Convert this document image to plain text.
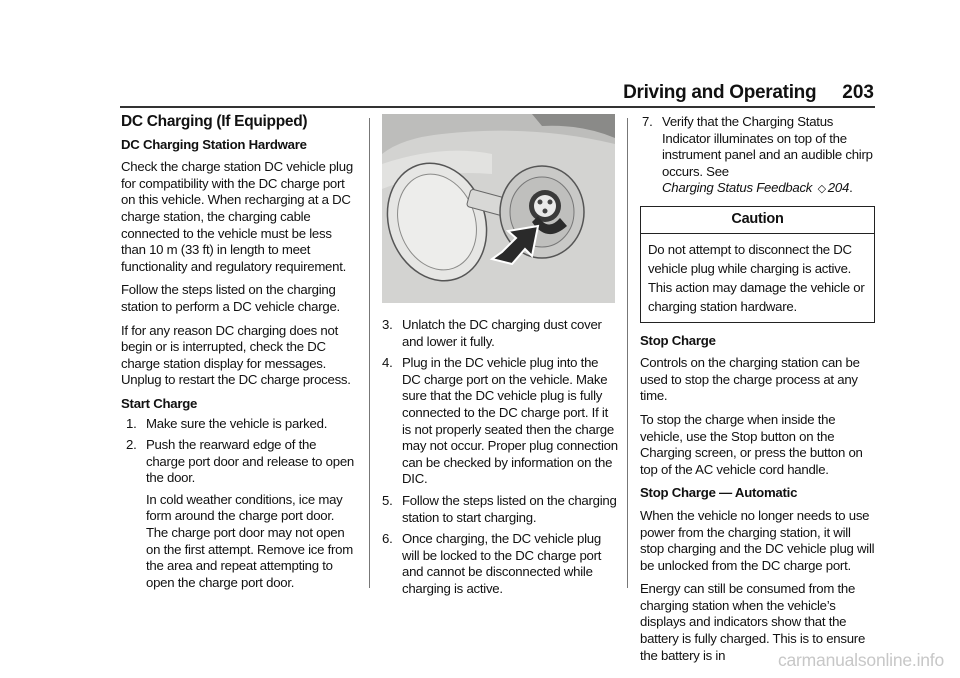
Driving and Operating 203
DC Charging (If Equipped)
DC Charging Station Hardware

Check the charge station DC vehicle plug for compatibility with the DC charge port on this vehicle. When recharging at a DC charge station, the charging cable connected to the vehicle must be less than 10 m (33 ft) in length to meet functionality and regulatory requirement.

Follow the steps listed on the charging station to perform a DC vehicle charge.

If for any reason DC charging does not begin or is interrupted, check the DC charge station display for messages. Unplug to restart the DC charge process.

Start Charge
1. Make sure the vehicle is parked.
2. Push the rearward edge of the charge port door and release to open the door.

In cold weather conditions, ice may form around the charge port door. The charge port door may not open on the first attempt. Remove ice from the area and repeat attempting to open the charge port door.

3. Unlatch the DC charging dust cover and lower it fully.
4. Plug in the DC vehicle plug into the DC charge port on the vehicle. Make sure that the DC vehicle plug is fully connected to the DC charge port. If it is not properly seated then the charge may not occur. Proper plug connection can be checked by information on the DIC.
5. Follow the steps listed on the charging station to start charging.
6. Once charging, the DC vehicle plug will be locked to the DC charge port and cannot be disconnected while charging is active.
7. Verify that the Charging Status Indicator illuminates on top of the instrument panel and an audible chirp occurs. See
Charging Status Feedback ◇ 204.
Caution
Do not attempt to disconnect the DC vehicle plug while charging is active. This action may damage the vehicle or charging station hardware.
Stop Charge

Controls on the charging station can be used to stop the charge process at any time.

To stop the charge when inside the vehicle, use the Stop button on the Charging screen, or press the button on top of the AC vehicle cord handle.

Stop Charge — Automatic

When the vehicle no longer needs to use power from the charging station, it will stop charging and the DC vehicle plug will be unlocked from the DC charge port.

Energy can still be consumed from the charging station when the vehicle’s displays and indicators show that the battery is fully charged. This is to ensure the battery is in	carmanualsonline.info
